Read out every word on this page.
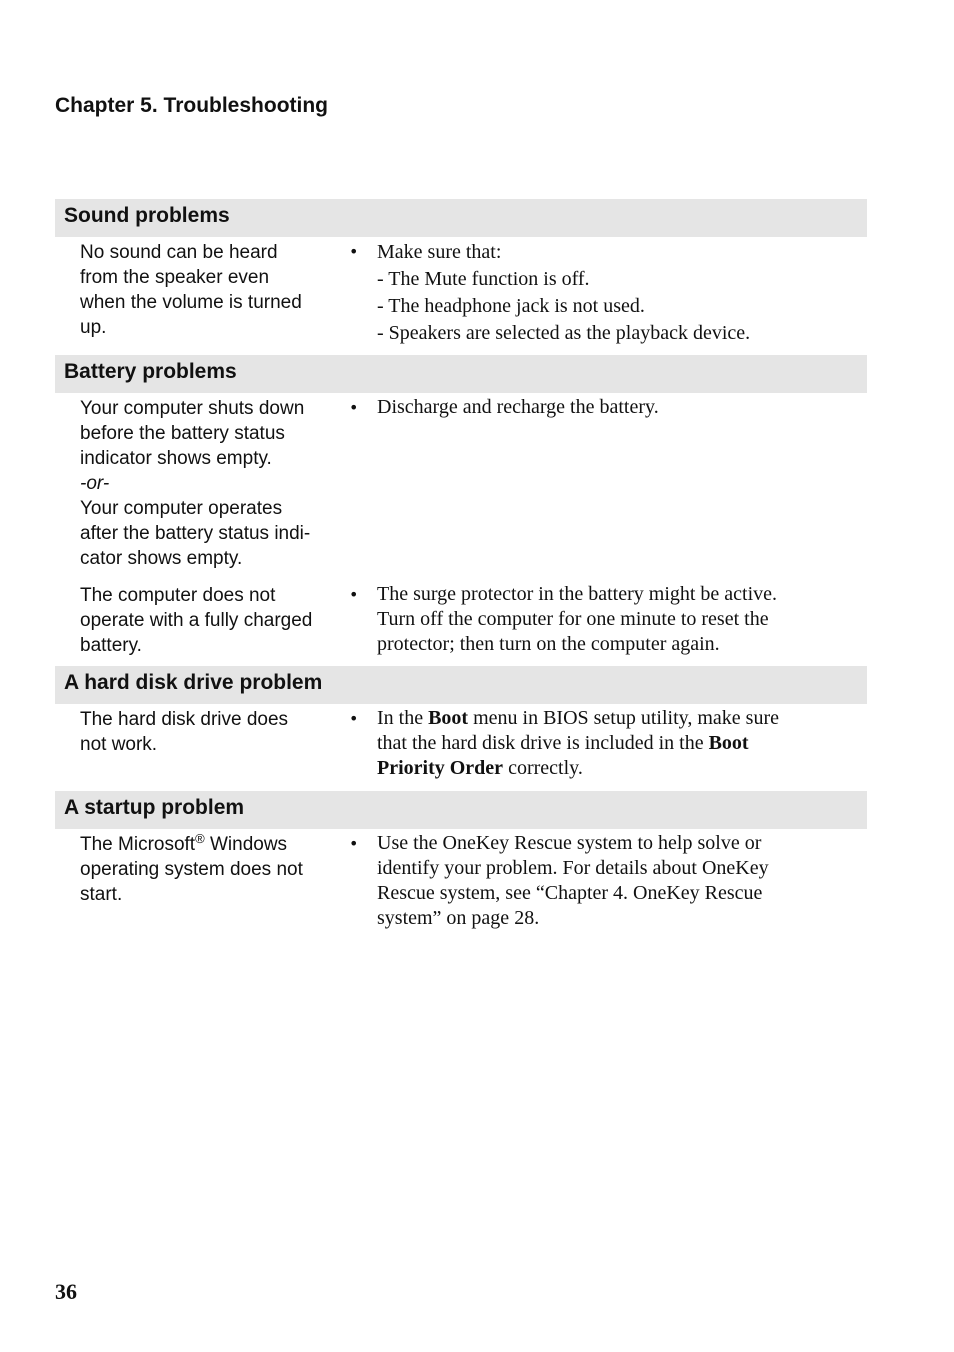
Chapter 5. Troubleshooting
Sound problems
No sound can be heard
from the speaker even
when the volume is turned
up.
• Make sure that:
- The Mute function is off.
- The headphone jack is not used.
- Speakers are selected as the playback device.
Battery problems
Your computer shuts down
before the battery status
indicator shows empty.
-or-
Your computer operates
after the battery status indi-
cator shows empty.
• Discharge and recharge the battery.
The computer does not
operate with a fully charged
battery.
• The surge protector in the battery might be active.
Turn off the computer for one minute to reset the
protector; then turn on the computer again.
A hard disk drive problem
The hard disk drive does
not work.
• In the Boot menu in BIOS setup utility, make sure
that the hard disk drive is included in the Boot
Priority Order correctly.
A startup problem
The Microsoft® Windows
operating system does not
start.
• Use the OneKey Rescue system to help solve or
identify your problem. For details about OneKey
Rescue system, see “Chapter 4. OneKey Rescue
system” on page 28.
36
